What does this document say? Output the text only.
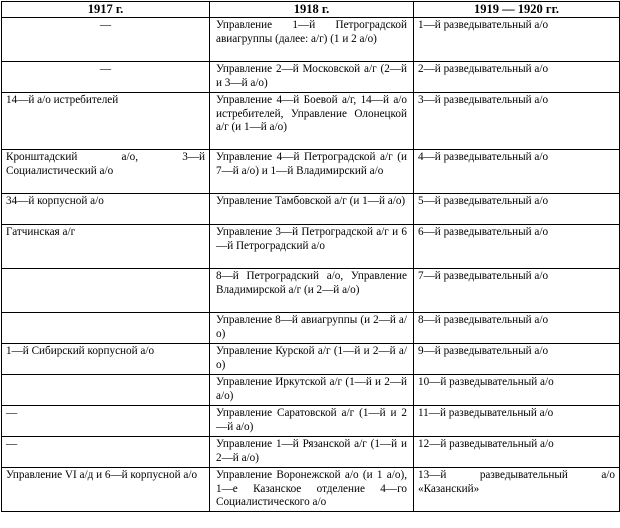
1917 г.	1918 г.	1919 — 1920 гг.
—	Управление 1—й Петроградской авиагруппы (далее: а/г) (1 и 2 а/о)	1—й разведывательный а/о
—	Управление 2—й Московской а/г (2—й и 3—й а/о)	2—й разведывательный а/о
14—й а/о истребителей	Управление 4—й Боевой а/г, 14—й а/о истребителей, Управление Олонецкой а/г (и 1—й а/о)	3—й разведывательный а/о
Кронштадский а/о, 3—й Социалистический а/о	Управление 4—й Петроградской а/г (и 7—й а/о) и 1—й Владимирский а/о	4—й разведывательный а/о
34—й корпусной а/о	Управление Тамбовской а/г (и 1—й а/о)	5—й разведывательный а/о
Гатчинская а/г	Управление 3—й Петроградской а/г и 6—й Петроградский а/о	6—й разведывательный а/о
	8—й Петроградский а/о, Управление Владимирской а/г (и 2—й а/о)	7—й разведывательный а/о
	Управление 8—й авиагруппы (и 2—й а/о)	8—й разведывательный а/о
1—й Сибирский корпусной а/о	Управление Курской а/г (1—й и 2—й а/о)	9—й разведывательный а/о
	Управление Иркутской а/г (1—й и 2—й а/о)	10—й разведывательный а/о
—	Управление Саратовской а/г (1—й и 2—й а/о)	11—й разведывательный а/о
—	Управление 1—й Рязанской а/г (1—й и 2—й а/о)	12—й разведывательный а/о
Управление VI а/д и 6—й корпусной а/о	Управление Воронежской а/о (и 1 а/о), 1—е Казанское отделение 4—го Социалистического а/о	13—й разведывательный а/о «Казанский»
